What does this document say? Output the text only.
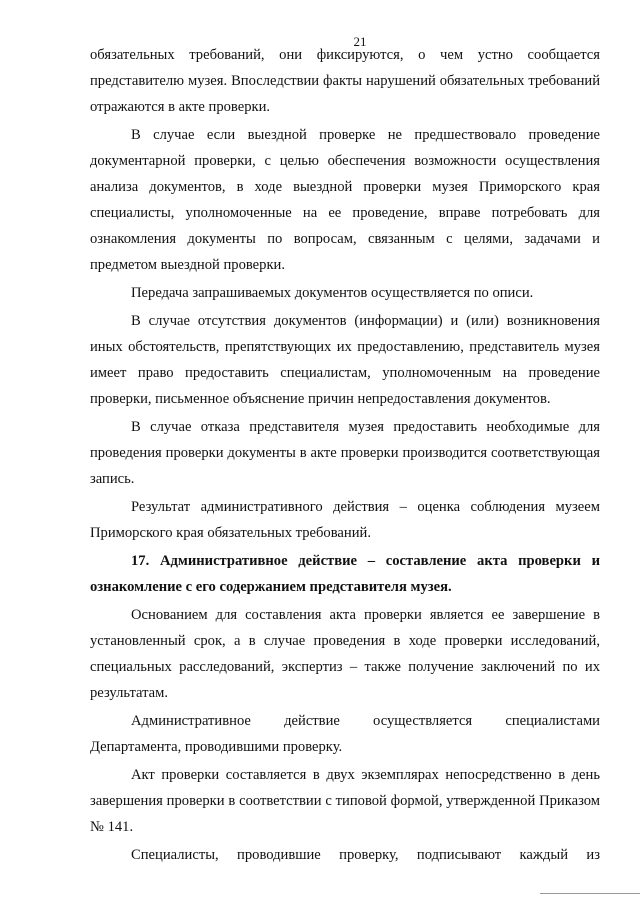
21

обязательных требований, они фиксируются, о чем устно сообщается представителю музея. Впоследствии факты нарушений обязательных требований отражаются в акте проверки.

В случае если выездной проверке не предшествовало проведение документарной проверки, с целью обеспечения возможности осуществления анализа документов, в ходе выездной проверки музея Приморского края специалисты, уполномоченные на ее проведение, вправе потребовать для ознакомления документы по вопросам, связанным с целями, задачами и предметом выездной проверки.

Передача запрашиваемых документов осуществляется по описи.

В случае отсутствия документов (информации) и (или) возникновения иных обстоятельств, препятствующих их предоставлению, представитель музея имеет право предоставить специалистам, уполномоченным на проведение проверки, письменное объяснение причин непредоставления документов.

В случае отказа представителя музея предоставить необходимые для проведения проверки документы в акте проверки производится соответствующая запись.

Результат административного действия – оценка соблюдения музеем Приморского края обязательных требований.

17. Административное действие – составление акта проверки и ознакомление с его содержанием представителя музея.

Основанием для составления акта проверки является ее завершение в установленный срок, а в случае проведения в ходе проверки исследований, специальных расследований, экспертиз – также получение заключений по их результатам.

Административное действие осуществляется специалистами Департамента, проводившими проверку.

Акт проверки составляется в двух экземплярах непосредственно в день завершения проверки в соответствии с типовой формой, утвержденной Приказом № 141.

Специалисты, проводившие проверку, подписывают каждый из
